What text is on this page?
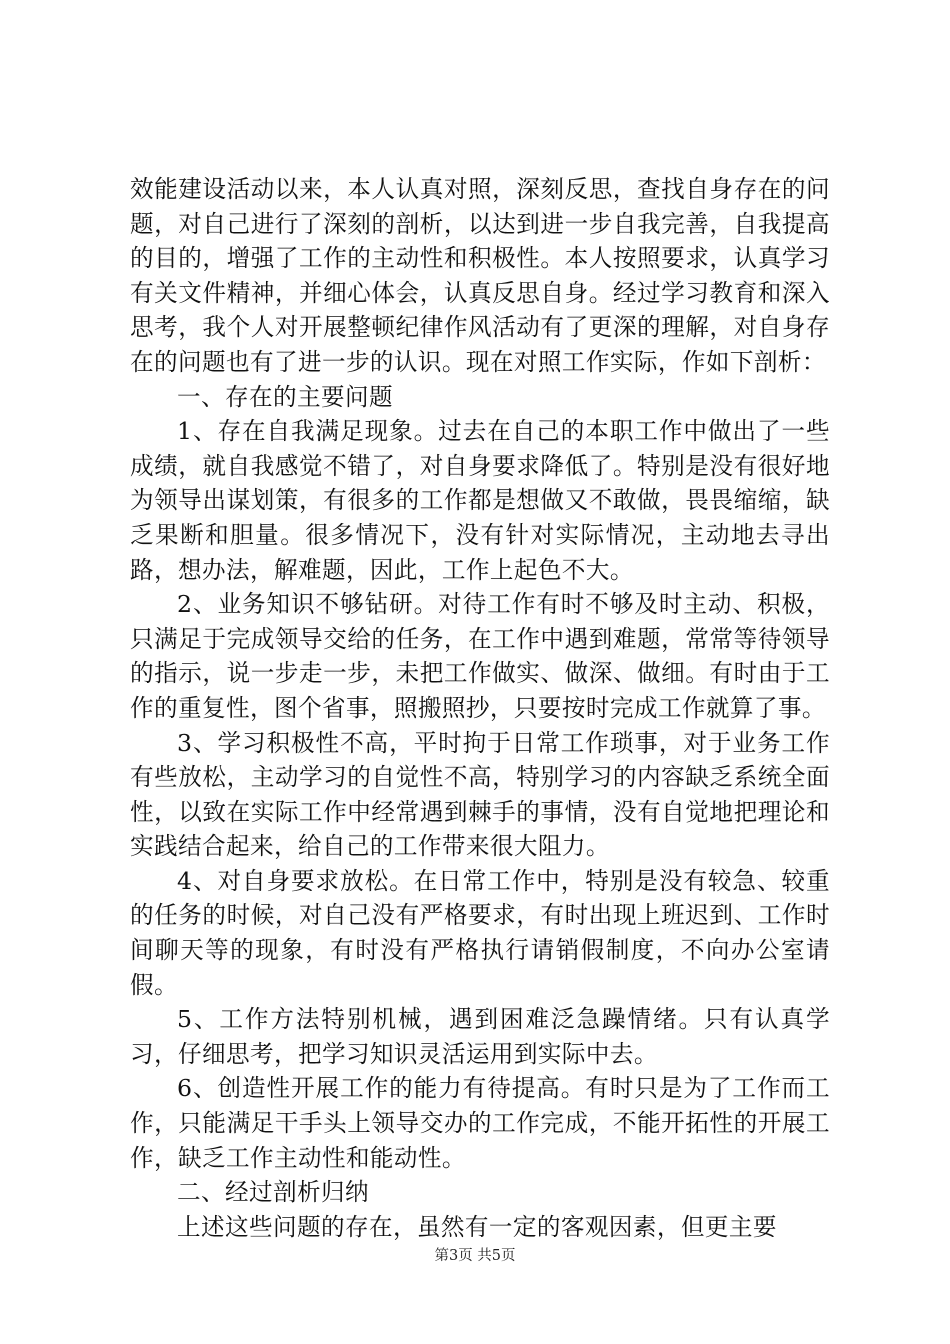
效能建设活动以来，本人认真对照，深刻反思，查找自身存在的问题，对自己进行了深刻的剖析，以达到进一步自我完善，自我提高的目的，增强了工作的主动性和积极性。本人按照要求，认真学习有关文件精神，并细心体会，认真反思自身。经过学习教育和深入思考，我个人对开展整顿纪律作风活动有了更深的理解，对自身存在的问题也有了进一步的认识。现在对照工作实际，作如下剖析：

一、存在的主要问题

1、存在自我满足现象。过去在自己的本职工作中做出了一些成绩，就自我感觉不错了，对自身要求降低了。特别是没有很好地为领导出谋划策，有很多的工作都是想做又不敢做，畏畏缩缩，缺乏果断和胆量。很多情况下，没有针对实际情况，主动地去寻出路，想办法，解难题，因此，工作上起色不大。

2、业务知识不够钻研。对待工作有时不够及时主动、积极，只满足于完成领导交给的任务，在工作中遇到难题，常常等待领导的指示，说一步走一步，未把工作做实、做深、做细。有时由于工作的重复性，图个省事，照搬照抄，只要按时完成工作就算了事。

3、学习积极性不高，平时拘于日常工作琐事，对于业务工作有些放松，主动学习的自觉性不高，特别学习的内容缺乏系统全面性，以致在实际工作中经常遇到棘手的事情，没有自觉地把理论和实践结合起来，给自己的工作带来很大阻力。

4、对自身要求放松。在日常工作中，特别是没有较急、较重的任务的时候，对自己没有严格要求，有时出现上班迟到、工作时间聊天等的现象，有时没有严格执行请销假制度，不向办公室请假。

5、工作方法特别机械，遇到困难泛急躁情绪。只有认真学习，仔细思考，把学习知识灵活运用到实际中去。

6、创造性开展工作的能力有待提高。有时只是为了工作而工作，只能满足干手头上领导交办的工作完成，不能开拓性的开展工作，缺乏工作主动性和能动性。

二、经过剖析归纳

上述这些问题的存在，虽然有一定的客观因素，但更主要

第3页 共5页
